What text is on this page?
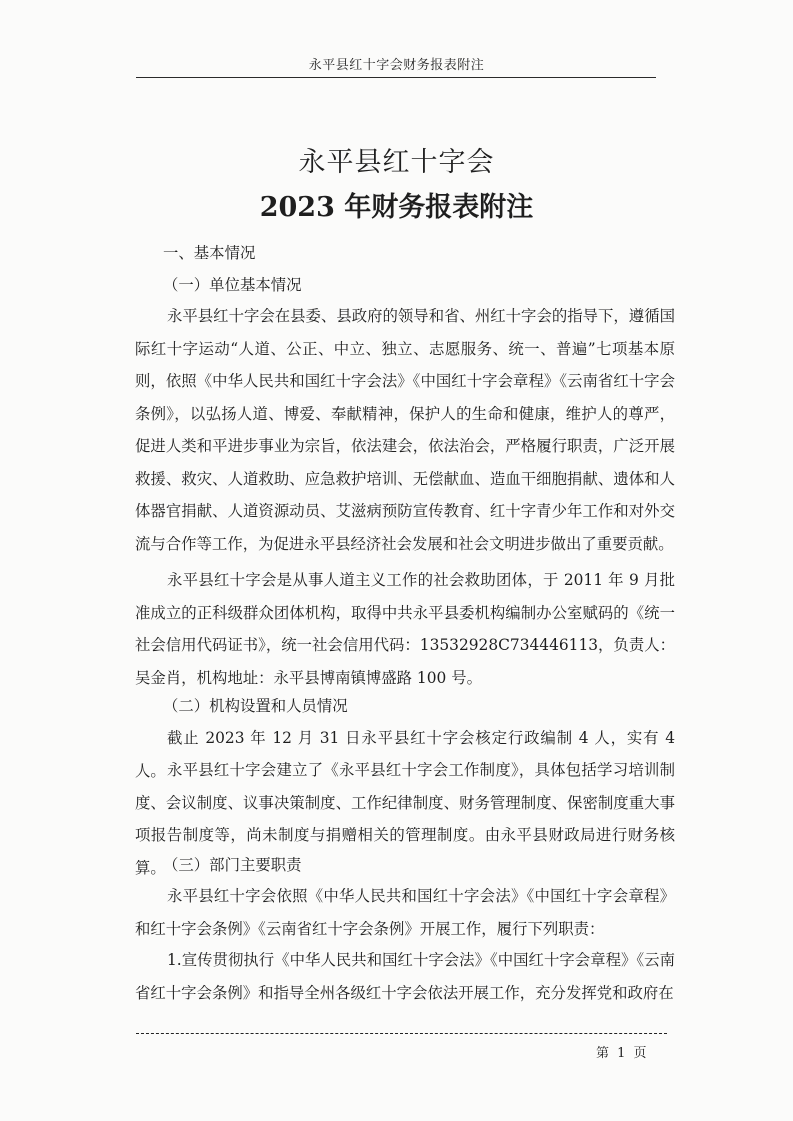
永平县红十字会财务报表附注
永平县红十字会
2023 年财务报表附注
一、基本情况
（一）单位基本情况
永平县红十字会在县委、县政府的领导和省、州红十字会的指导下，遵循国际红十字运动“人道、公正、中立、独立、志愿服务、统一、普遍”七项基本原则，依照《中华人民共和国红十字会法》《中国红十字会章程》《云南省红十字会条例》，以弘扬人道、博爱、奉献精神，保护人的生命和健康，维护人的尊严，促进人类和平进步事业为宗旨，依法建会，依法治会，严格履行职责，广泛开展救援、救灾、人道救助、应急救护培训、无偿献血、造血干细胞捐献、遗体和人体器官捐献、人道资源动员、艾滋病预防宣传教育、红十字青少年工作和对外交流与合作等工作，为促进永平县经济社会发展和社会文明进步做出了重要贡献。
永平县红十字会是从事人道主义工作的社会救助团体，于 2011 年 9 月批准成立的正科级群众团体机构，取得中共永平县委机构编制办公室赋码的《统一社会信用代码证书》，统一社会信用代码：13532928C734446113，负责人：吴金肖，机构地址：永平县博南镇博盛路 100 号。
（二）机构设置和人员情况
截止 2023 年 12 月 31 日永平县红十字会核定行政编制 4 人，实有 4 人。 永平县红十字会建立了《永平县红十字会工作制度》，具体包括学习培训制度、会议制度、议事决策制度、工作纪律制度、财务管理制度、保密制度重大事项报告制度等，尚未制度与捐赠相关的管理制度。由永平县财政局进行财务核算。
（三）部门主要职责
永平县红十字会依照《中华人民共和国红十字会法》《中国红十字会章程》和红十字会条例》《云南省红十字会条例》开展工作，履行下列职责：
1.宣传贯彻执行《中华人民共和国红十字会法》《中国红十字会章程》《云南省红十字会条例》和指导全州各级红十字会依法开展工作，充分发挥党和政府在
第 1 页
